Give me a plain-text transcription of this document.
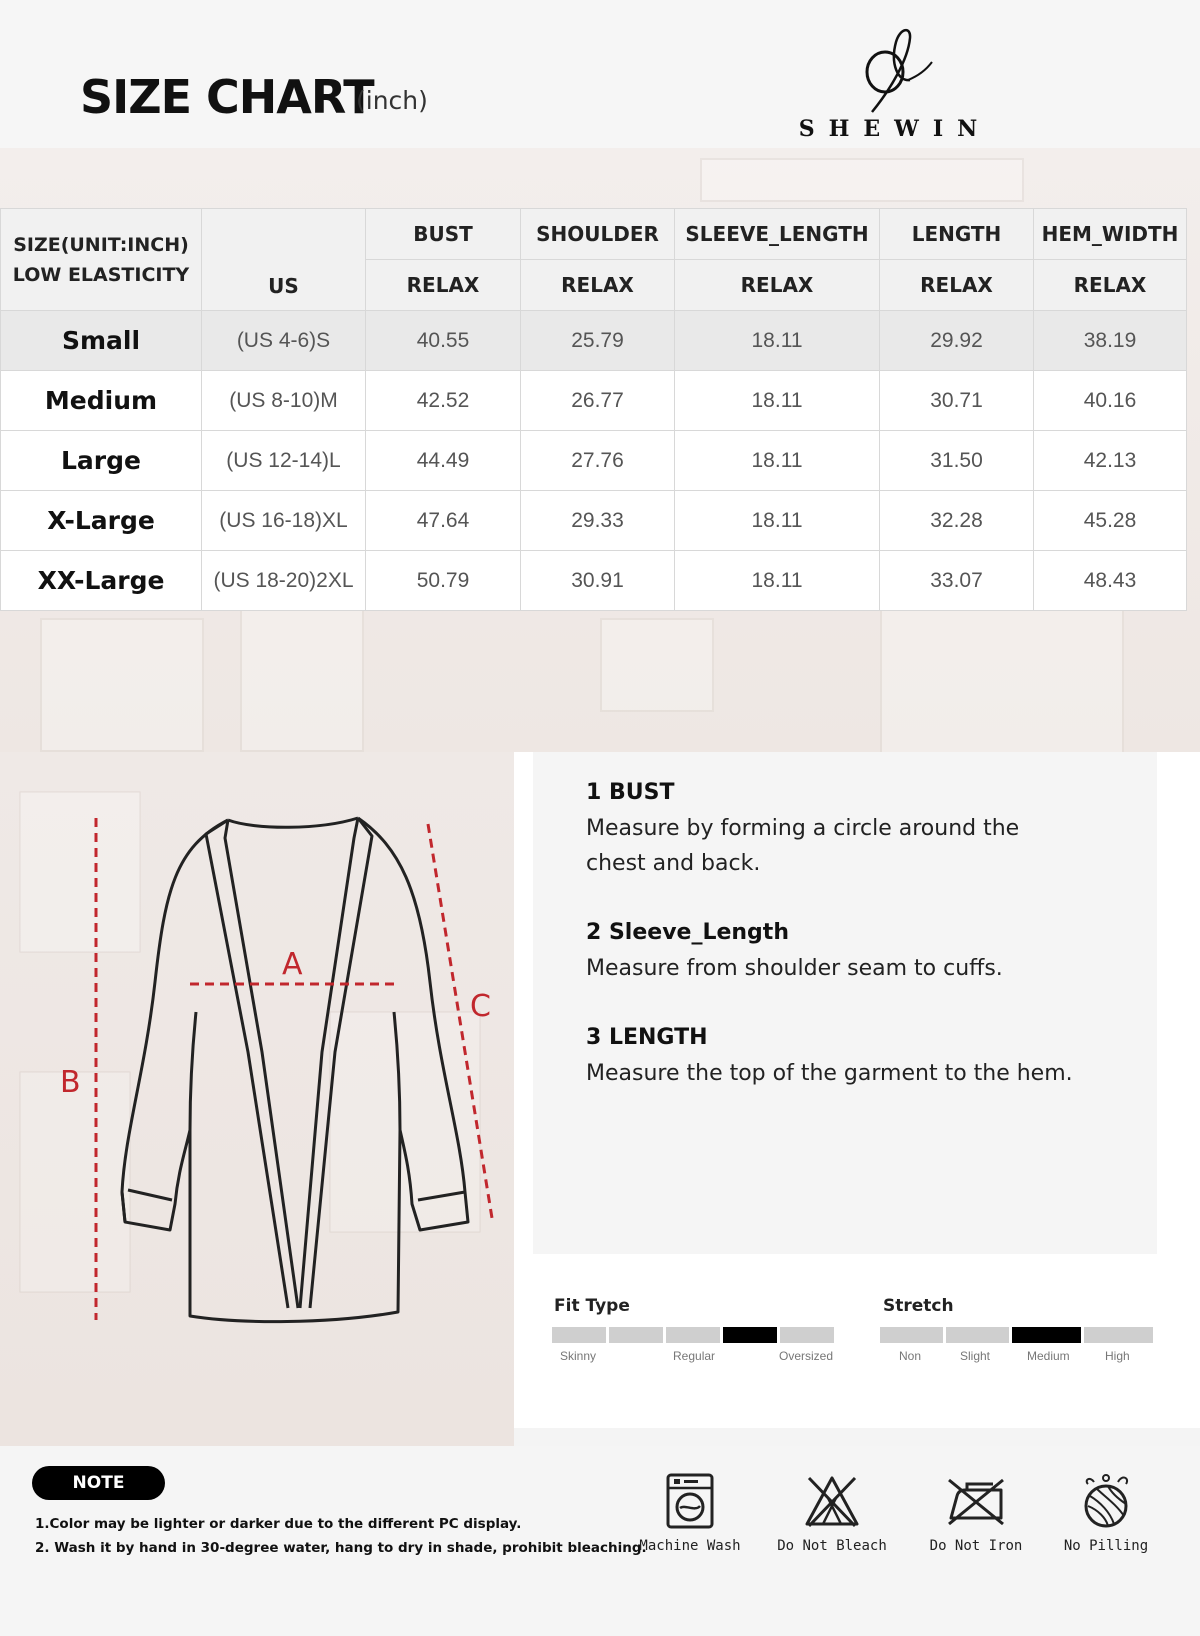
SIZE CHART
(inch)
SHEWIN
SIZE(UNIT:INCH)
LOW ELASTICITY	US	BUST	SHOULDER	SLEEVE_LENGTH	LENGTH	HEM_WIDTH
		RELAX	RELAX	RELAX	RELAX	RELAX
Small	(US 4-6)S	40.55	25.79	18.11	29.92	38.19
Medium	(US 8-10)M	42.52	26.77	18.11	30.71	40.16
Large	(US 12-14)L	44.49	27.76	18.11	31.50	42.13
X-Large	(US 16-18)XL	47.64	29.33	18.11	32.28	45.28
XX-Large	(US 18-20)2XL	50.79	30.91	18.11	33.07	48.43
A
B
C
1 BUST
Measure by forming a circle around the
chest and back.
2 Sleeve_Length
Measure from shoulder seam to cuffs.
3 LENGTH
Measure the top of the garment to the hem.
Fit Type
Skinny	Regular	Oversized
Stretch
Non	Slight	Medium	High
NOTE
1.Color may be lighter or darker due to the different PC display.
2. Wash it by hand in 30-degree water, hang to dry in shade, prohibit bleaching.
Machine Wash	Do Not Bleach	Do Not Iron	No Pilling
